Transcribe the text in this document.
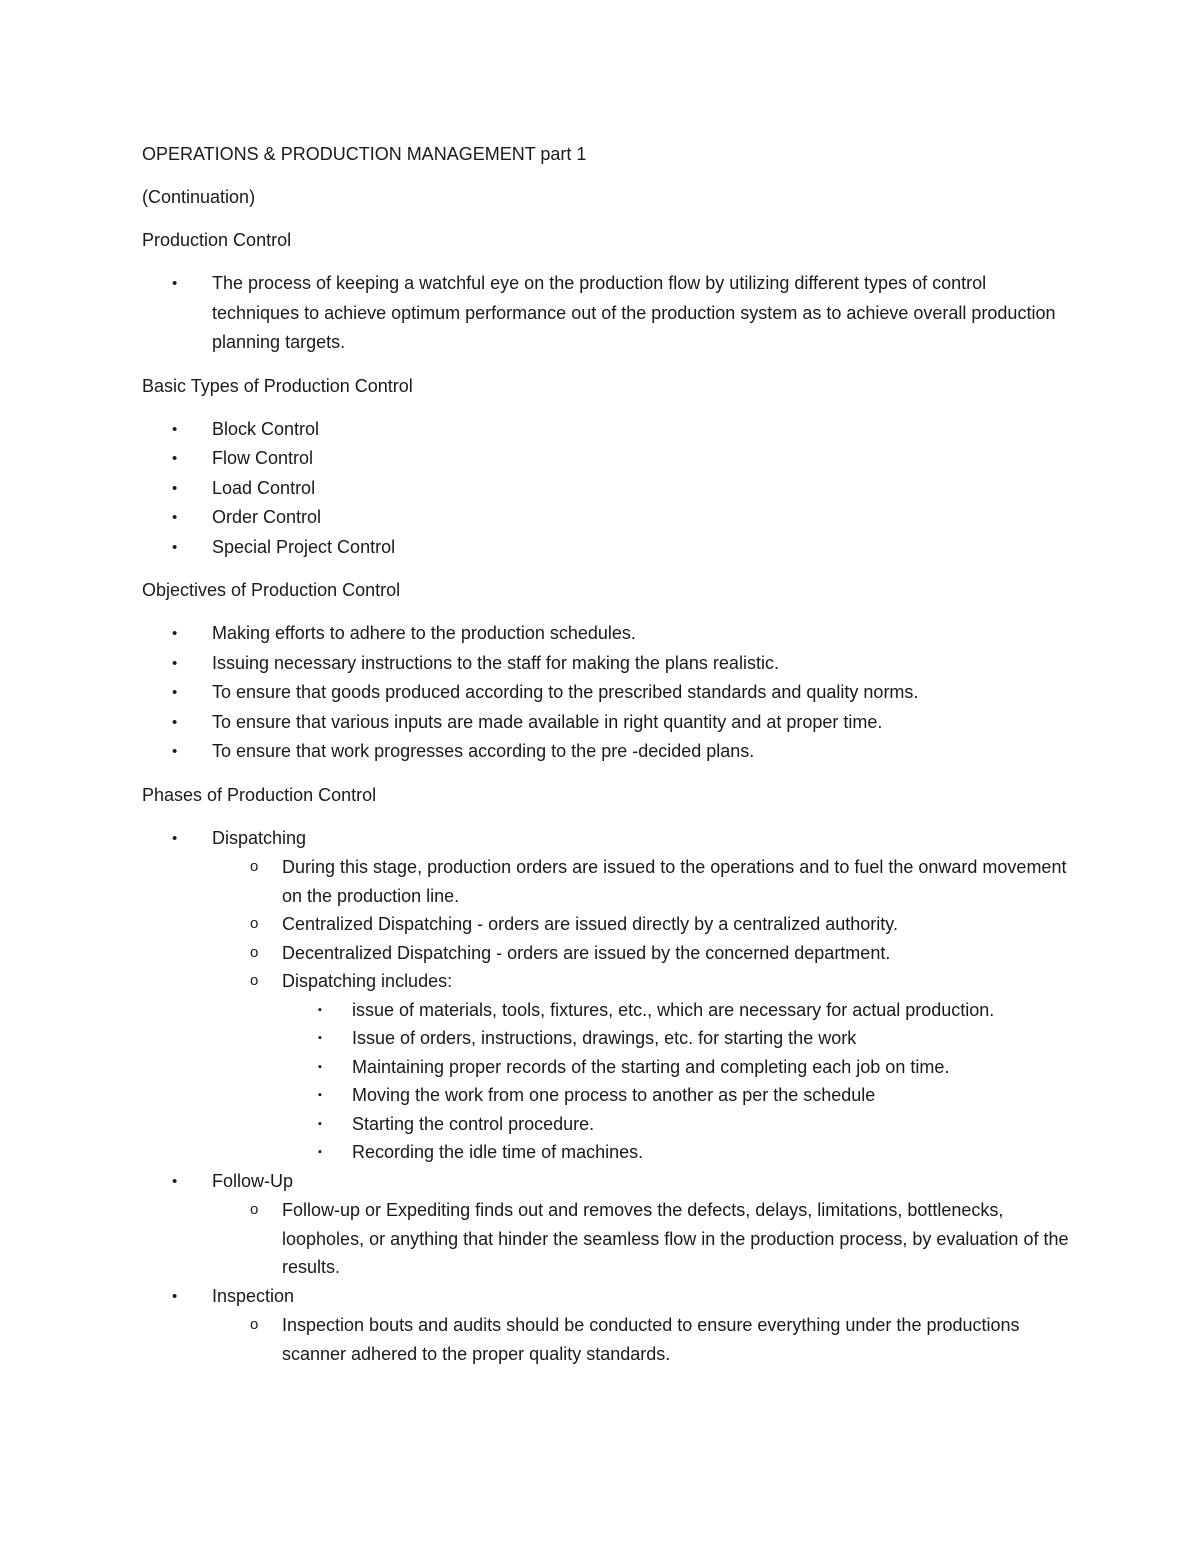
OPERATIONS & PRODUCTION MANAGEMENT part 1

(Continuation)

Production Control

• The process of keeping a watchful eye on the production flow by utilizing different types of control techniques to achieve optimum performance out of the production system as to achieve overall production planning targets.

Basic Types of Production Control

• Block Control
• Flow Control
• Load Control
• Order Control
• Special Project Control

Objectives of Production Control

• Making efforts to adhere to the production schedules.
• Issuing necessary instructions to the staff for making the plans realistic.
• To ensure that goods produced according to the prescribed standards and quality norms.
• To ensure that various inputs are made available in right quantity and at proper time.
• To ensure that work progresses according to the pre -decided plans.

Phases of Production Control

• Dispatching
o During this stage, production orders are issued to the operations and to fuel the onward movement on the production line.
o Centralized Dispatching - orders are issued directly by a centralized authority.
o Decentralized Dispatching - orders are issued by the concerned department.
o Dispatching includes:
▪ issue of materials, tools, fixtures, etc., which are necessary for actual production.
▪ Issue of orders, instructions, drawings, etc. for starting the work
▪ Maintaining proper records of the starting and completing each job on time.
▪ Moving the work from one process to another as per the schedule
▪ Starting the control procedure.
▪ Recording the idle time of machines.
• Follow-Up
o Follow-up or Expediting finds out and removes the defects, delays, limitations, bottlenecks, loopholes, or anything that hinder the seamless flow in the production process, by evaluation of the results.
• Inspection
o Inspection bouts and audits should be conducted to ensure everything under the productions scanner adhered to the proper quality standards.
